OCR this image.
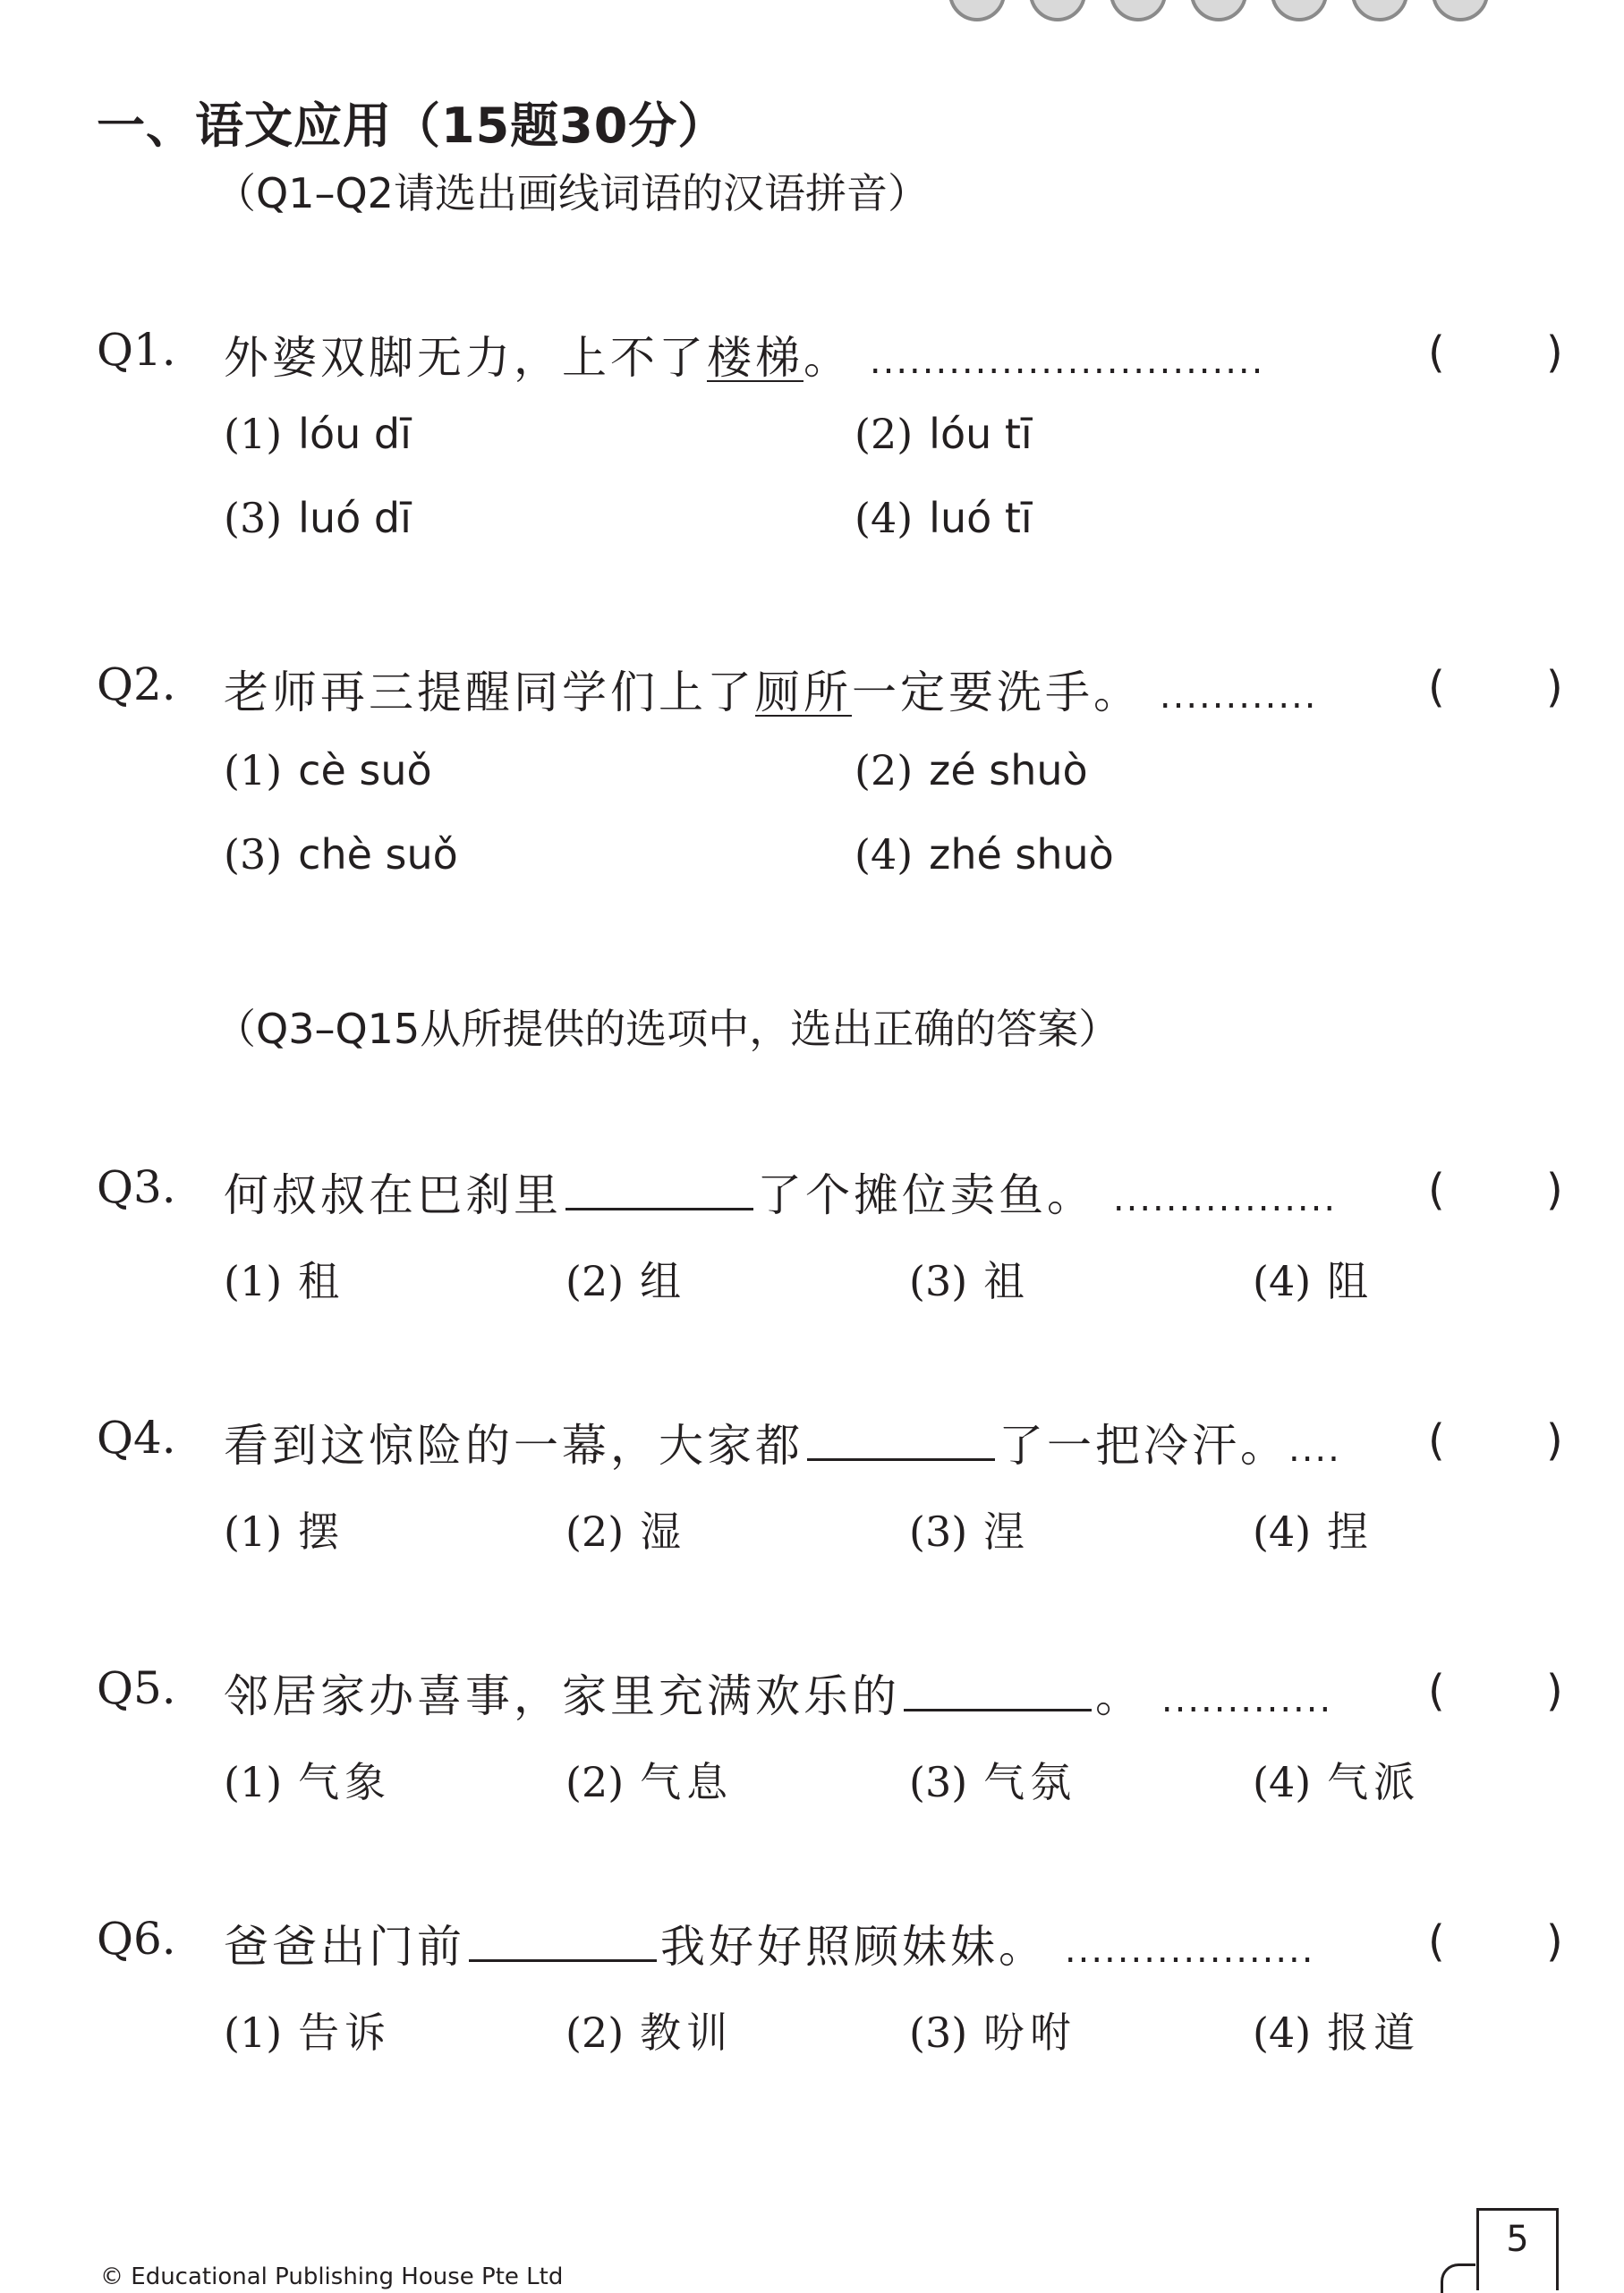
一、语文应用（15题30分）
（Q1–Q2请选出画线词语的汉语拼音）
Q1. 外婆双脚无力，上不了楼梯。 ..............................	( )
(1) lóu dī	(2) lóu tī
(3) luó dī	(4) luó tī
Q2. 老师再三提醒同学们上了厕所一定要洗手。 ............	( )
(1) cè suǒ	(2) zé shuò
(3) chè suǒ	(4) zhé shuò
（Q3–Q15从所提供的选项中，选出正确的答案）
Q3. 何叔叔在巴刹里	了个摊位卖鱼。 ................. ( )
(1) 租	(2) 组	(3) 祖	(4) 阻
Q4. 看到这惊险的一幕，大家都	了一把冷汗。.... ( )
(1) 摆	(2) 湿	(3) 涅	(4) 捏
Q5. 邻居家办喜事，家里充满欢乐的	。 ............. ( )
(1) 气象	(2) 气息	(3) 气氛	(4) 气派
Q6. 爸爸出门前	我好好照顾妹妹。 ...................	( )
(1) 告诉	(2) 教训	(3) 吩咐	(4) 报道
© Educational Publishing House Pte Ltd
5
